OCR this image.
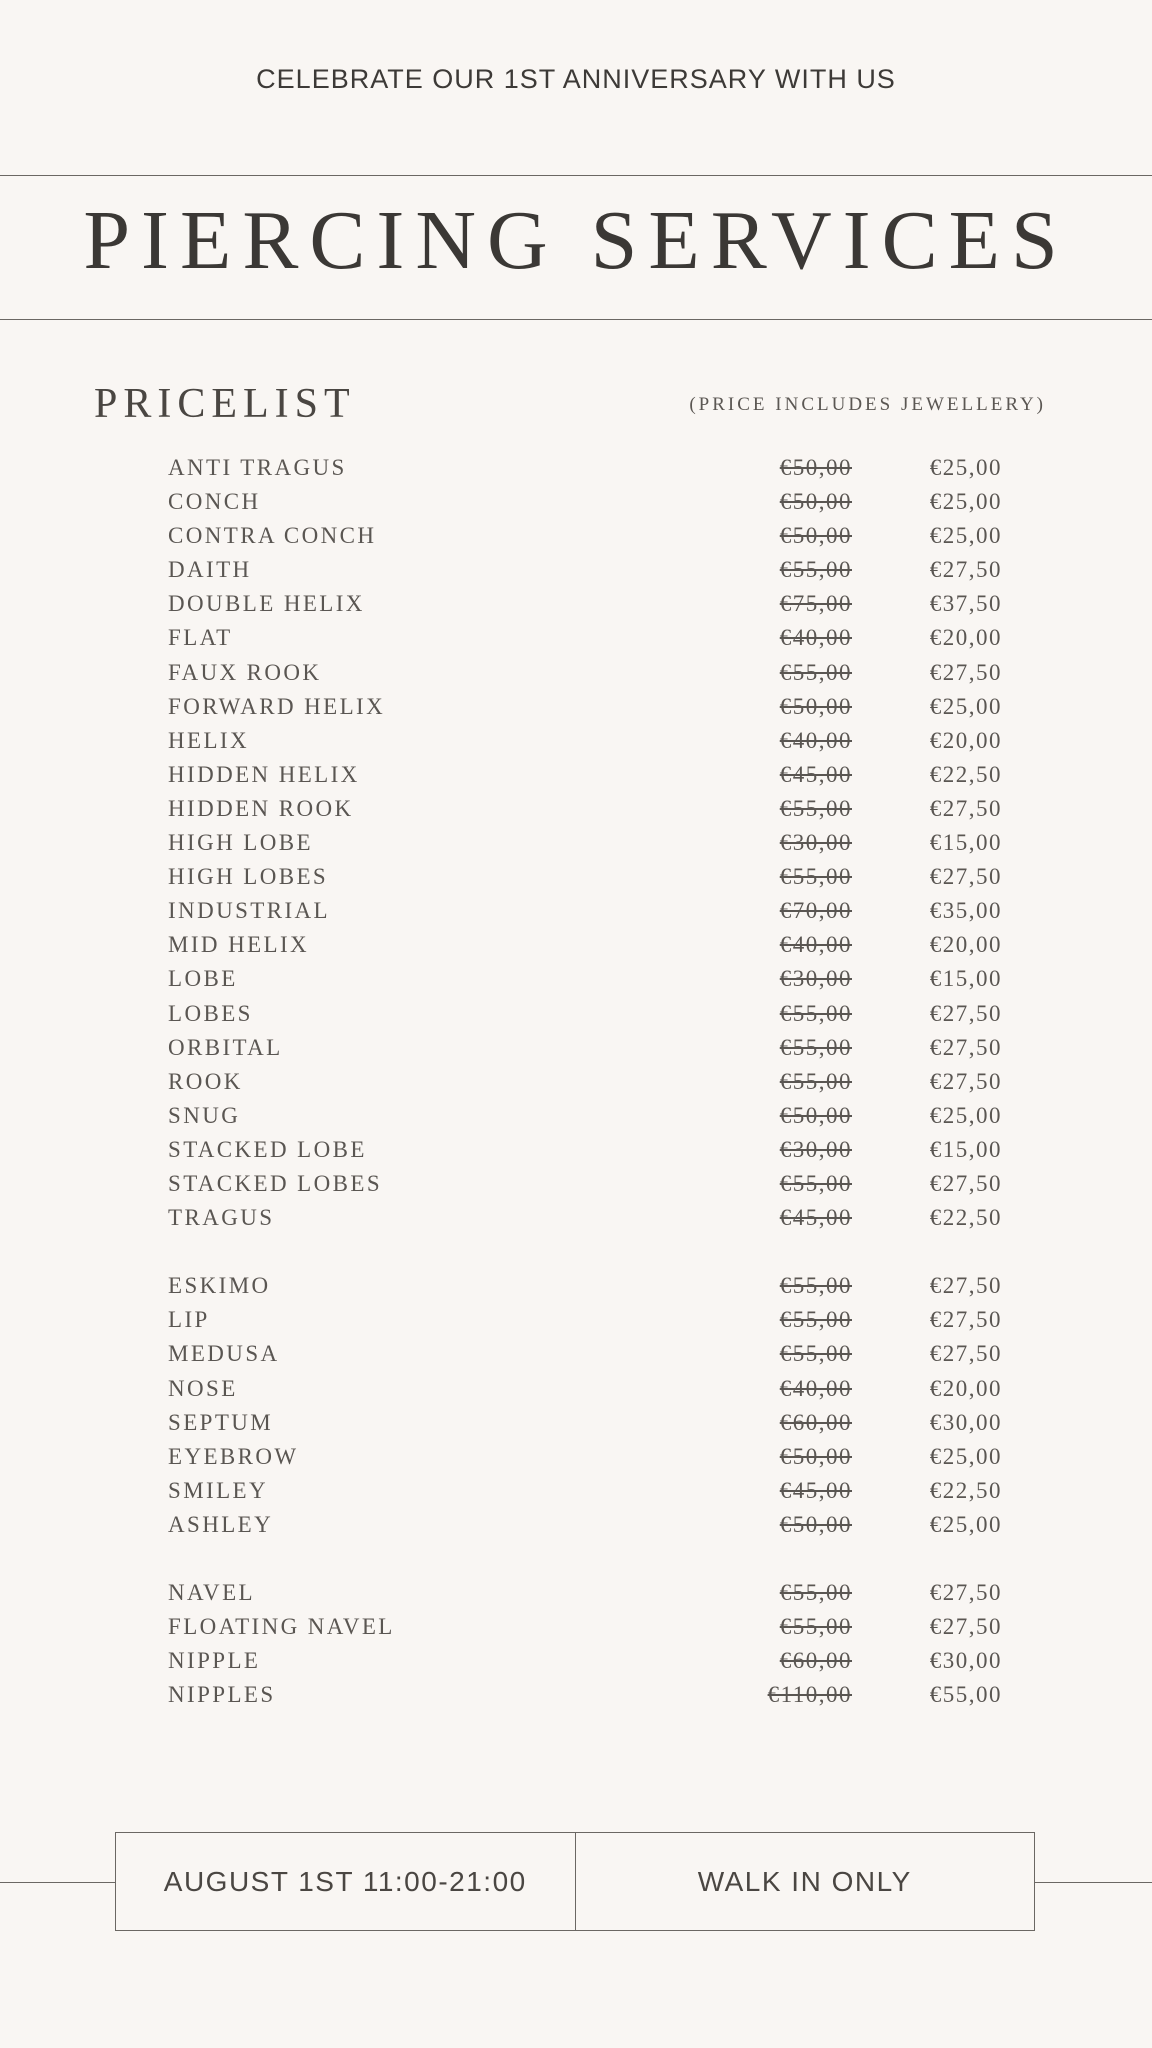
CELEBRATE OUR 1ST ANNIVERSARY WITH US
PIERCING SERVICES
PRICELIST	(PRICE INCLUDES JEWELLERY)
ANTI TRAGUS	€50,00	€25,00
CONCH	€50,00	€25,00
CONTRA CONCH	€50,00	€25,00
DAITH	€55,00	€27,50
DOUBLE HELIX	€75,00	€37,50
FLAT	€40,00	€20,00
FAUX ROOK	€55,00	€27,50
FORWARD HELIX	€50,00	€25,00
HELIX	€40,00	€20,00
HIDDEN HELIX	€45,00	€22,50
HIDDEN ROOK	€55,00	€27,50
HIGH LOBE	€30,00	€15,00
HIGH LOBES	€55,00	€27,50
INDUSTRIAL	€70,00	€35,00
MID HELIX	€40,00	€20,00
LOBE	€30,00	€15,00
LOBES	€55,00	€27,50
ORBITAL	€55,00	€27,50
ROOK	€55,00	€27,50
SNUG	€50,00	€25,00
STACKED LOBE	€30,00	€15,00
STACKED LOBES	€55,00	€27,50
TRAGUS	€45,00	€22,50
ESKIMO	€55,00	€27,50
LIP	€55,00	€27,50
MEDUSA	€55,00	€27,50
NOSE	€40,00	€20,00
SEPTUM	€60,00	€30,00
EYEBROW	€50,00	€25,00
SMILEY	€45,00	€22,50
ASHLEY	€50,00	€25,00
NAVEL	€55,00	€27,50
FLOATING NAVEL	€55,00	€27,50
NIPPLE	€60,00	€30,00
NIPPLES	€110,00	€55,00
AUGUST 1ST 11:00-21:00	WALK IN ONLY
